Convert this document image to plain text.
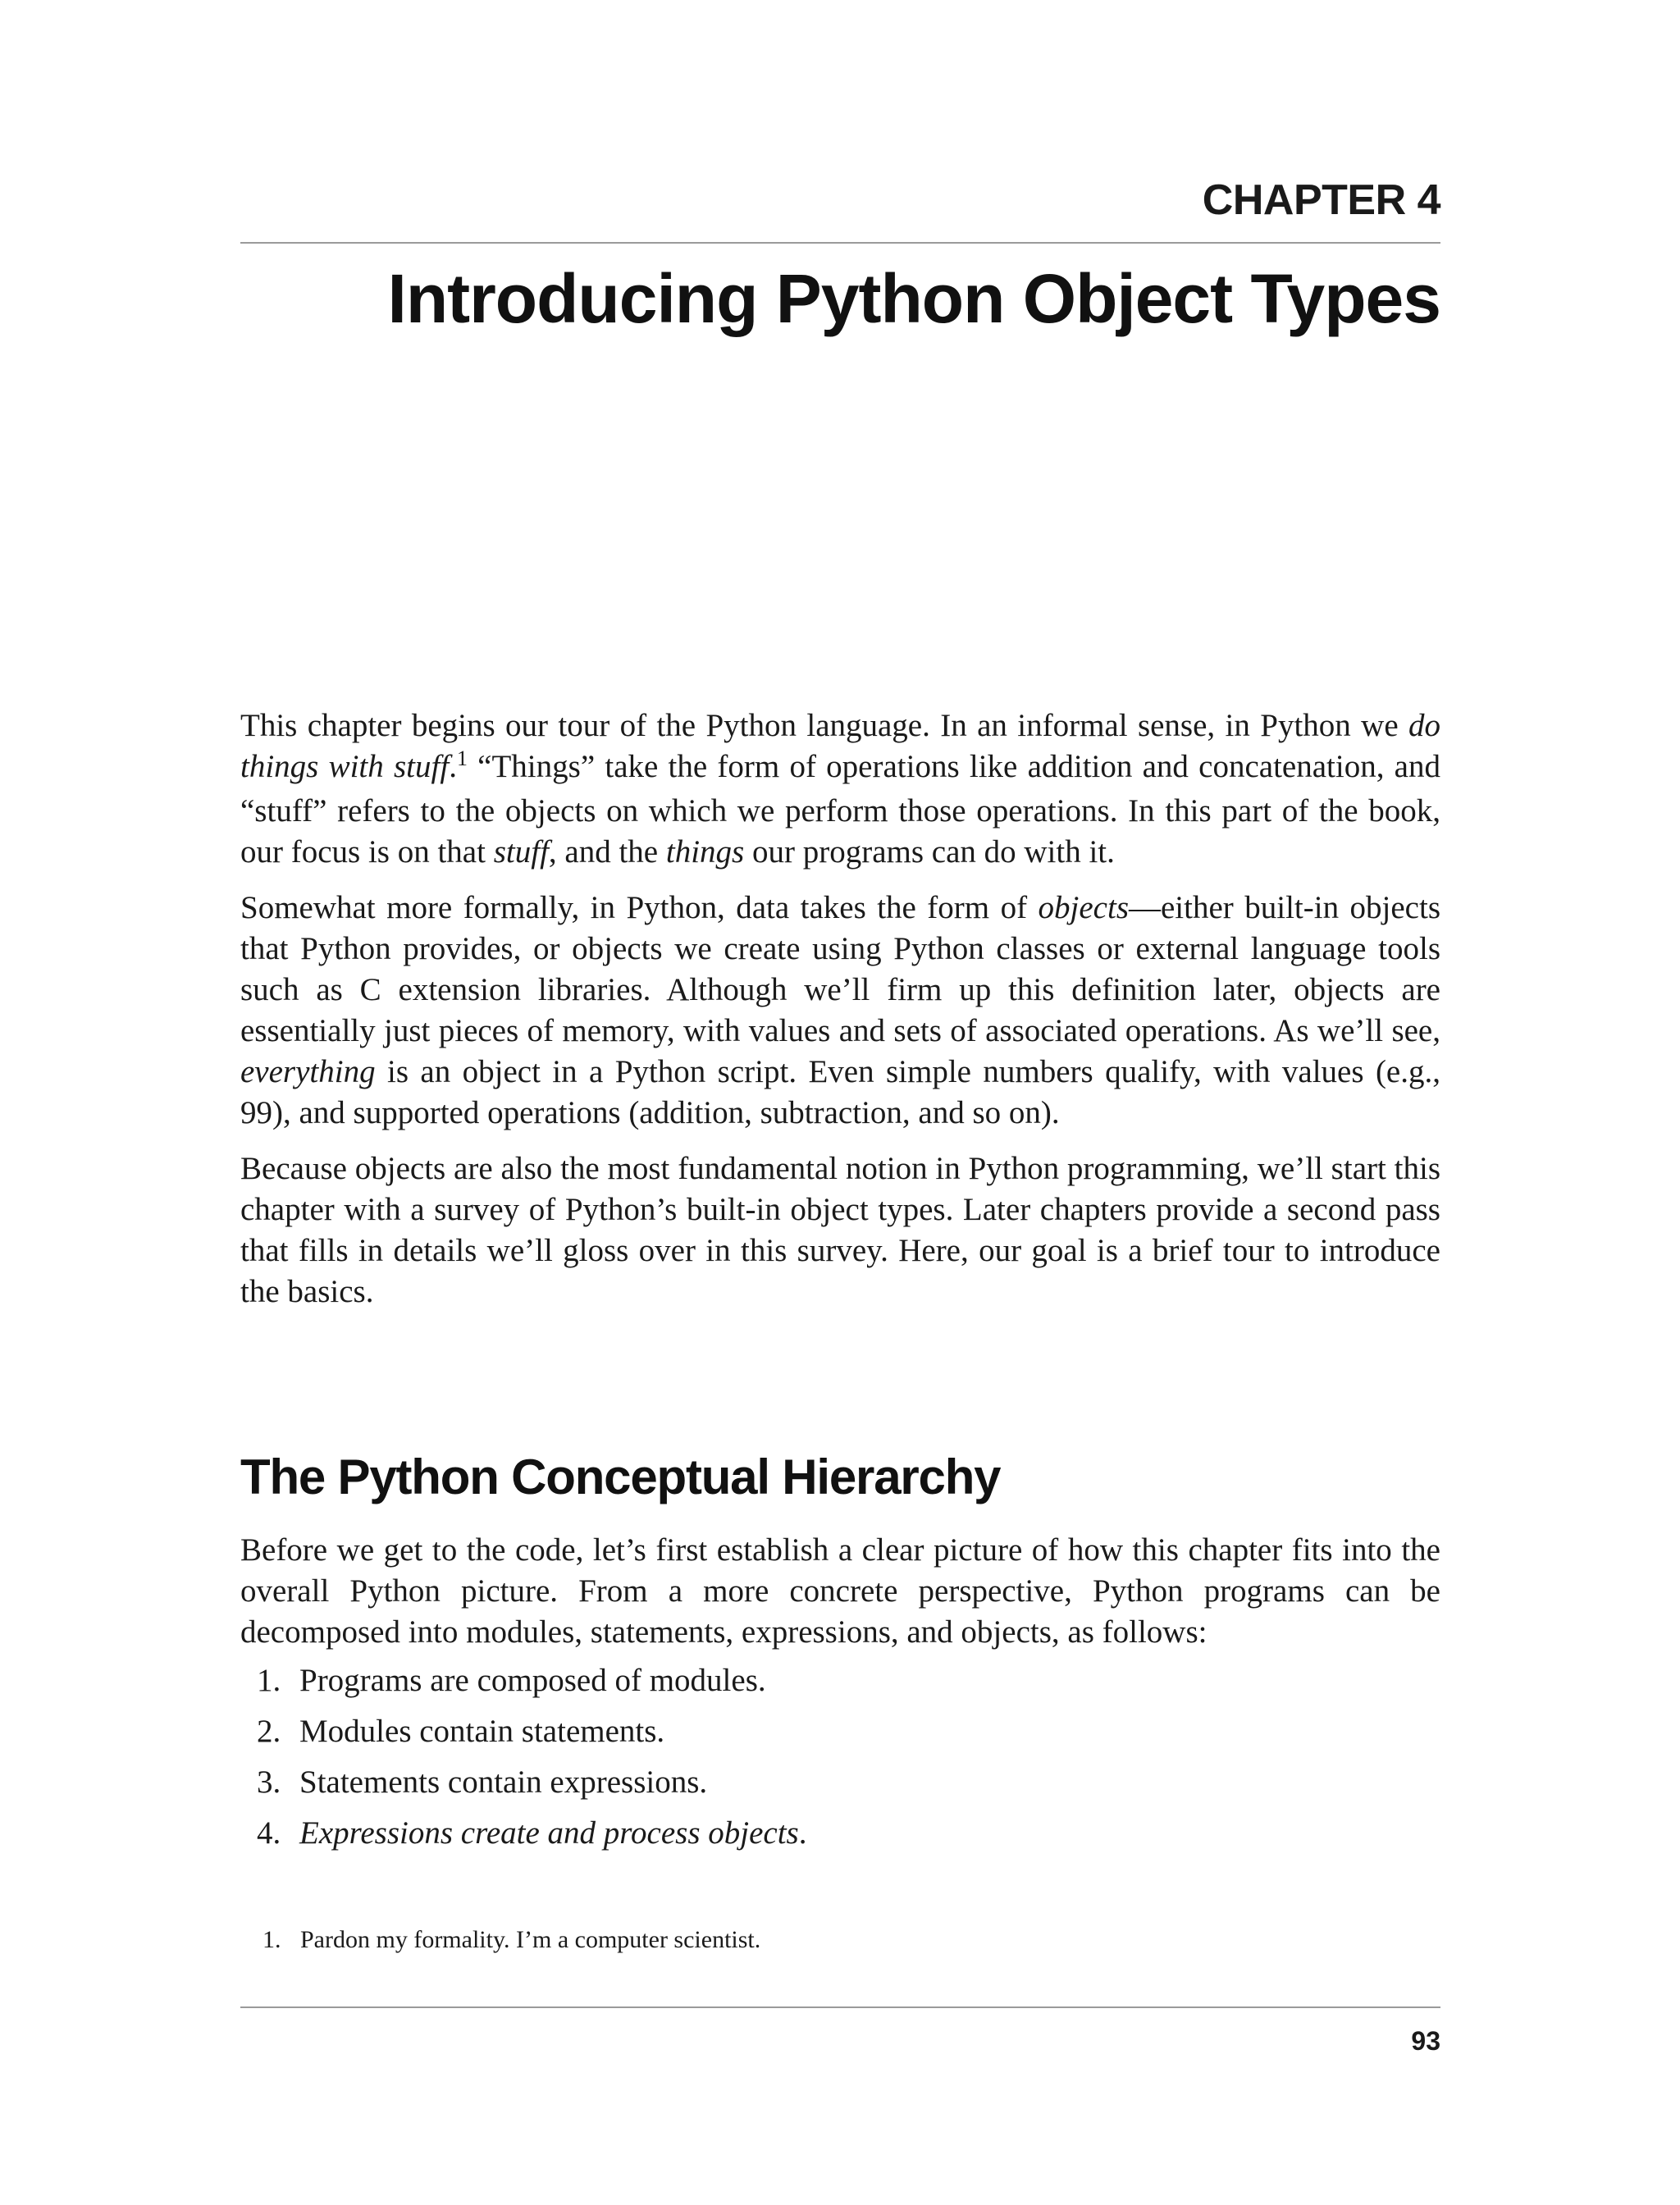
CHAPTER 4
Introducing Python Object Types

This chapter begins our tour of the Python language. In an informal sense, in Python we do things with stuff.$^1$ “Things” take the form of operations like addition and concatenation, and “stuff” refers to the objects on which we perform those operations. In this part of the book, our focus is on that stuff, and the things our programs can do with it.

Somewhat more formally, in Python, data takes the form of objects—either built-in objects that Python provides, or objects we create using Python classes or external language tools such as C extension libraries. Although we’ll firm up this definition later, objects are essentially just pieces of memory, with values and sets of associated operations. As we’ll see, everything is an object in a Python script. Even simple numbers qualify, with values (e.g., 99), and supported operations (addition, subtraction, and so on).

Because objects are also the most fundamental notion in Python programming, we’ll start this chapter with a survey of Python’s built-in object types. Later chapters provide a second pass that fills in details we’ll gloss over in this survey. Here, our goal is a brief tour to introduce the basics.

The Python Conceptual Hierarchy

Before we get to the code, let’s first establish a clear picture of how this chapter fits into the overall Python picture. From a more concrete perspective, Python programs can be decomposed into modules, statements, expressions, and objects, as follows:

1. Programs are composed of modules.
2. Modules contain statements.
3. Statements contain expressions.
4. Expressions create and process objects.
1. Pardon my formality. I’m a computer scientist.
93
